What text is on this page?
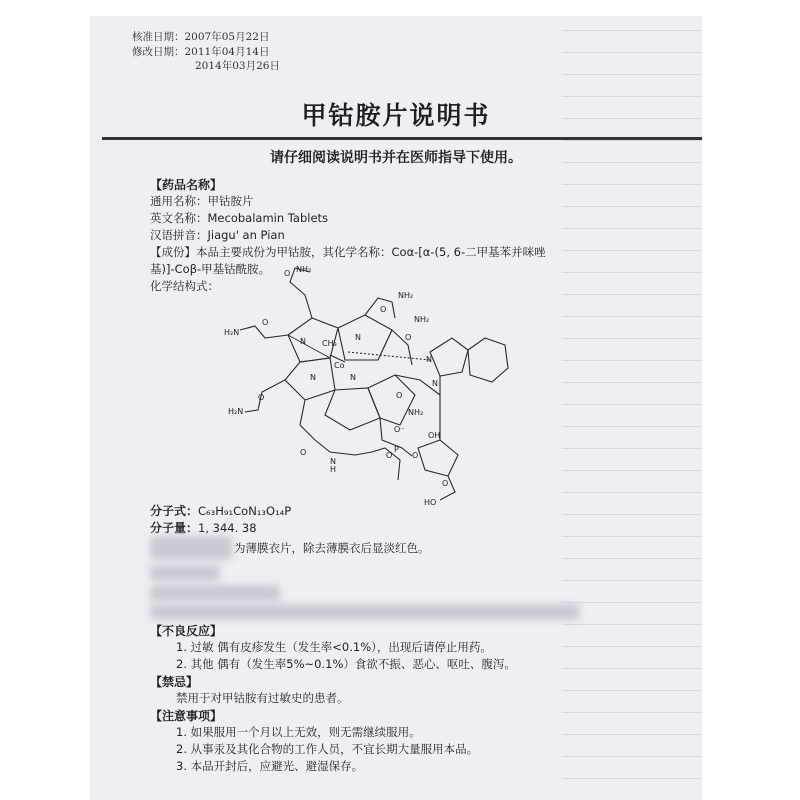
核准日期：2007年05月22日
修改日期：2011年04月14日
2014年03月26日
甲钴胺片说明书
请仔细阅读说明书并在医师指导下使用。
【药品名称】
通用名称：甲钴胺片
英文名称：Mecobalamin Tablets
汉语拼音：Jiagu' an Pian
【成份】本品主要成份为甲钴胺，其化学名称：Coα-[α-(5, 6-二甲基苯并咪唑
基)]-Coβ-甲基钴酰胺。
化学结构式：
NH₂
O
NH₂
O
NH₂
O
H₂N
O
H₂N
O
NH₂
O
CH₃
Co
N	N
N	N
N
N
O
N
H
O
P
O⁻
O
OH
HO
O
分子式：C₆₃H₉₁CoN₁₃O₁₄P
分子量：1, 344. 38
为薄膜衣片，除去薄膜衣后显淡红色。
【不良反应】
1. 过敏 偶有皮疹发生（发生率<0.1%），出现后请停止用药。
2. 其他 偶有（发生率5%~0.1%）食欲不振、恶心、呕吐、腹泻。
【禁忌】
禁用于对甲钴胺有过敏史的患者。
【注意事项】
1. 如果服用一个月以上无效，则无需继续服用。
2. 从事汞及其化合物的工作人员，不宜长期大量服用本品。
3. 本品开封后，应避光、避湿保存。
